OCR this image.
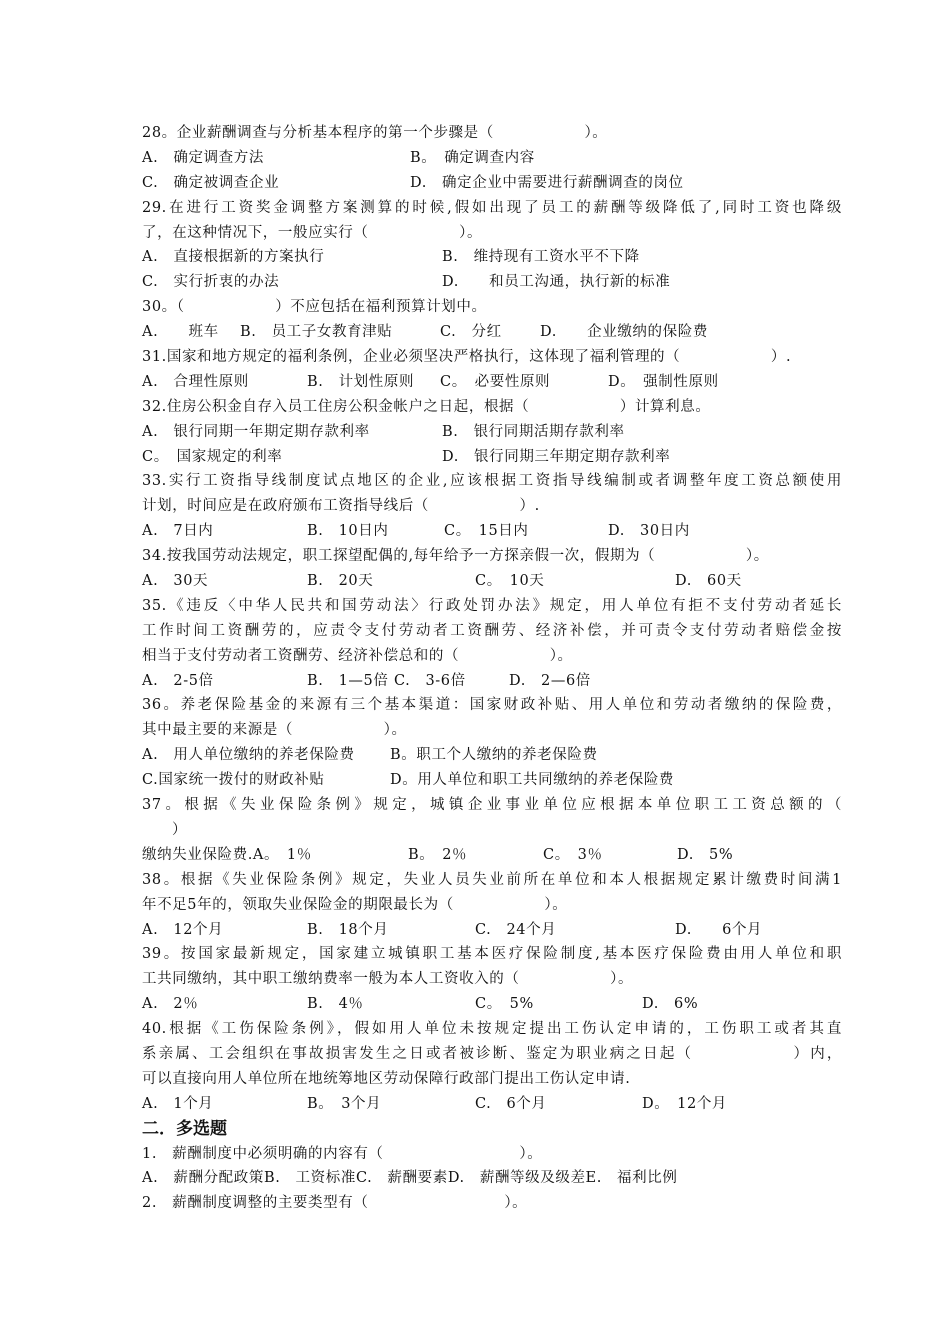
28。企业薪酬调查与分析基本程序的第一个步骤是（　　　　　　）。
A.　确定调查方法	B。　确定调查内容
C.　确定被调查企业	D.　确定企业中需要进行薪酬调查的岗位
29.在进行工资奖金调整方案测算的时候,假如出现了员工的薪酬等级降低了,同时工资也降级
了，在这种情况下，一般应实行（　　　　　　）。
A.　直接根据新的方案执行	B.　维持现有工资水平不下降
C.　实行折衷的办法	D.　　和员工沟通，执行新的标准
30。（　　　　　　）不应包括在福利预算计划中。
A.　　班车	B.　员工子女教育津贴	C.　分红	D.　　企业缴纳的保险费
31.国家和地方规定的福利条例，企业必须坚决严格执行，这体现了福利管理的（　　　　　　）.
A.　合理性原则	B.　计划性原则	C。　必要性原则	D。　强制性原则
32.住房公积金自存入员工住房公积金帐户之日起，根据（　　　　　　）计算利息。
A.　银行同期一年期定期存款利率	B.　银行同期活期存款利率
C。　国家规定的利率	D.　银行同期三年期定期存款利率
33.实行工资指导线制度试点地区的企业,应该根据工资指导线编制或者调整年度工资总额使用
计划，时间应是在政府颁布工资指导线后（　　　　　　）.
A.　7日内	B.　10日内	C。　15日内	D.　30日内
34.按我国劳动法规定，职工探望配偶的,每年给予一方探亲假一次，假期为（　　　　　　）。
A.　30天	B.　20天	C。　10天	D.　60天
35.《违反〈中华人民共和国劳动法〉行政处罚办法》规定，用人单位有拒不支付劳动者延长
工作时间工资酬劳的，应责令支付劳动者工资酬劳、经济补偿，并可责令支付劳动者赔偿金按
相当于支付劳动者工资酬劳、经济补偿总和的（　　　　　　）。
A.　2-5倍	B.　1—5倍 C.　3-6倍	D.　2—6倍
36。养老保险基金的来源有三个基本渠道：国家财政补贴、用人单位和劳动者缴纳的保险费，
其中最主要的来源是（　　　　　　）。
A.　用人单位缴纳的养老保险费	B。职工个人缴纳的养老保险费
C.国家统一拨付的财政补贴	D。用人单位和职工共同缴纳的养老保险费
37。根据《失业保险条例》规定，城镇企业事业单位应根据本单位职工工资总额的（
）
缴纳失业保险费.A。　1％	B。　2％	C。　3％	D.　5%
38。根据《失业保险条例》规定，失业人员失业前所在单位和本人根据规定累计缴费时间满1
年不足5年的，领取失业保险金的期限最长为（　　　　　　）。
A.　12个月	B.　18个月	C.　24个月	D.　　6个月
39。按国家最新规定，国家建立城镇职工基本医疗保险制度,基本医疗保险费由用人单位和职
工共同缴纳，其中职工缴纳费率一般为本人工资收入的（　　　　　　）。
A.　2％	B.　4％	C。　5%	D.　6%
40.根据《工伤保险条例》，假如用人单位未按规定提出工伤认定申请的，工伤职工或者其直
系亲属、工会组织在事故损害发生之日或者被诊断、鉴定为职业病之日起（　　　　　　）内，
可以直接向用人单位所在地统筹地区劳动保障行政部门提出工伤认定申请.
A.　1个月	B。　3个月	C.　6个月	D。　12个月
二．多选题
1.　薪酬制度中必须明确的内容有（　　　　　　　　　）。
A.　薪酬分配政策B.　工资标准C.　薪酬要素D.　薪酬等级及级差E.　福利比例
2.　薪酬制度调整的主要类型有（　　　　　　　　　）。
